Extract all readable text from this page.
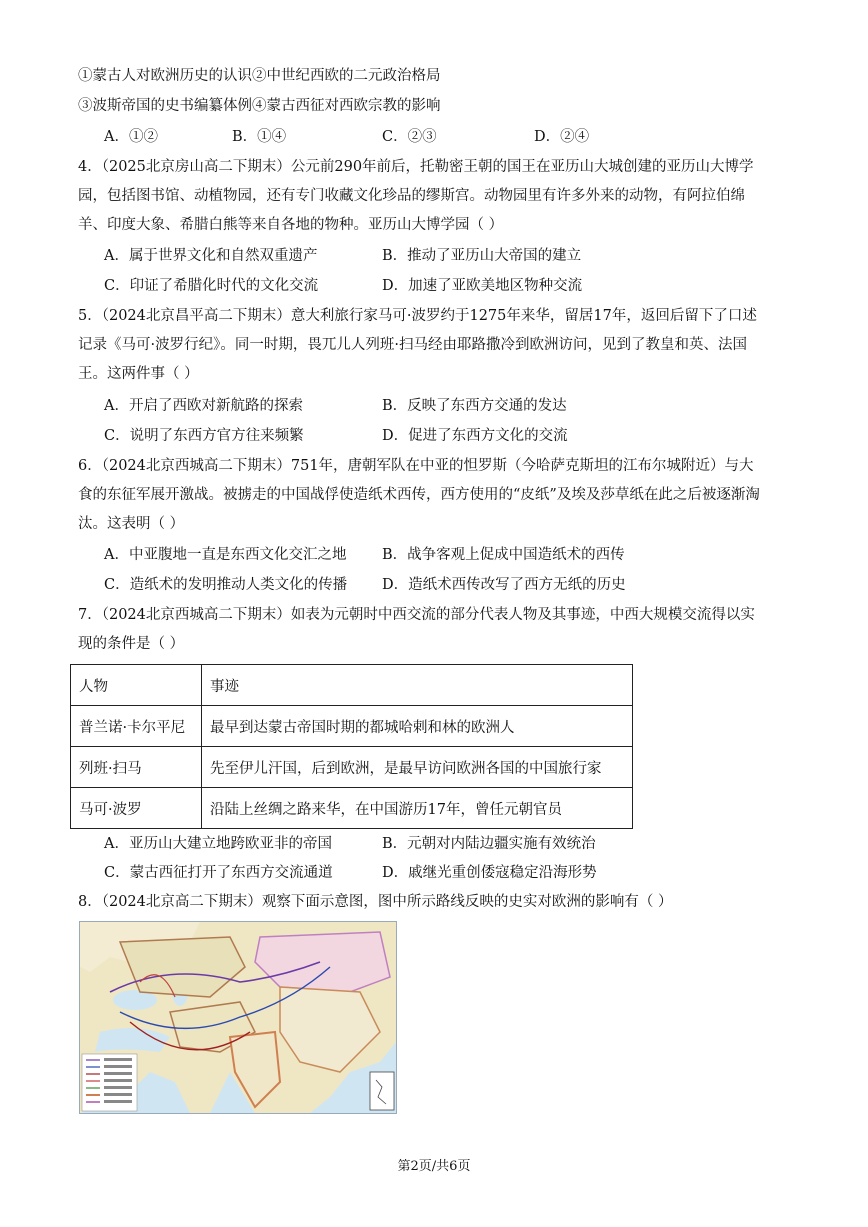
①蒙古人对欧洲历史的认识②中世纪西欧的二元政治格局
③波斯帝国的史书编纂体例④蒙古西征对西欧宗教的影响
A．①②	B．①④	C．②③	D．②④
4．（2025北京房山高二下期末）公元前290年前后，托勒密王朝的国王在亚历山大城创建的亚历山大博学
园，包括图书馆、动植物园，还有专门收藏文化珍品的缪斯宫。动物园里有许多外来的动物，有阿拉伯绵
羊、印度大象、希腊白熊等来自各地的物种。亚历山大博学园（ ）
A．属于世界文化和自然双重遗产	B．推动了亚历山大帝国的建立
C．印证了希腊化时代的文化交流	D．加速了亚欧美地区物种交流
5．（2024北京昌平高二下期末）意大利旅行家马可·波罗约于1275年来华，留居17年，返回后留下了口述
记录《马可·波罗行纪》。同一时期，畏兀儿人列班·扫马经由耶路撒冷到欧洲访问，见到了教皇和英、法国
王。这两件事（ ）
A．开启了西欧对新航路的探索	B．反映了东西方交通的发达
C．说明了东西方官方往来频繁	D．促进了东西方文化的交流
6．（2024北京西城高二下期末）751年，唐朝军队在中亚的怛罗斯（今哈萨克斯坦的江布尔城附近）与大
食的东征军展开激战。被掳走的中国战俘使造纸术西传，西方使用的“皮纸”及埃及莎草纸在此之后被逐渐淘
汰。这表明（ ）
A．中亚腹地一直是东西文化交汇之地 B．战争客观上促成中国造纸术的西传
C．造纸术的发明推动人类文化的传播 D．造纸术西传改写了西方无纸的历史
7．（2024北京西城高二下期末）如表为元朝时中西交流的部分代表人物及其事迹，中西大规模交流得以实
现的条件是（ ）
人物	事迹
普兰诺·卡尔平尼	最早到达蒙古帝国时期的都城哈剌和林的欧洲人
列班·扫马	先至伊儿汗国，后到欧洲，是最早访问欧洲各国的中国旅行家
马可·波罗	沿陆上丝绸之路来华，在中国游历17年，曾任元朝官员
A．亚历山大建立地跨欧亚非的帝国	B．元朝对内陆边疆实施有效统治
C．蒙古西征打开了东西方交流通道	D．戚继光重创倭寇稳定沿海形势
8．（2024北京高二下期末）观察下面示意图，图中所示路线反映的史实对欧洲的影响有（ ）
第2页/共6页
